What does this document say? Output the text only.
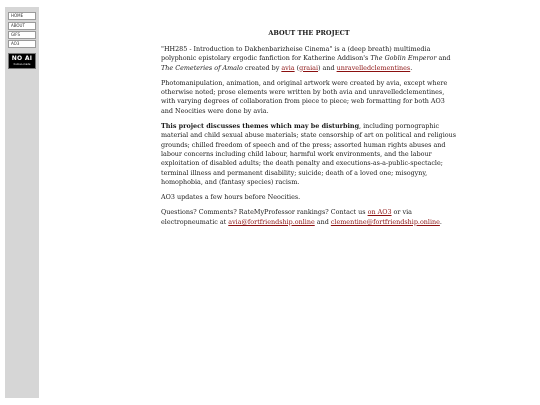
HOME
ABOUT
GIFS
AO3
NO AI
human-made
ABOUT THE PROJECT

"HH285 - Introduction to Dakhenbarizheise Cinema" is a (deep breath) multimedia polyphonic epistolary ergodic fanfiction for Katherine Addison's The Goblin Emperor and The Cemeteries of Amalo created by avia (graiai) and unravelledclementines.

Photomanipulation, animation, and original artwork were created by avia, except where otherwise noted; prose elements were written by both avia and unravelledclementines, with varying degrees of collaboration from piece to piece; web formatting for both AO3 and Neocities were done by avia.

This project discusses themes which may be disturbing, including pornographic material and child sexual abuse materials; state censorship of art on political and religious grounds; chilled freedom of speech and of the press; assorted human rights abuses and labour concerns including child labour, harmful work environments, and the labour exploitation of disabled adults; the death penalty and executions-as-a-public-spectacle; terminal illness and permanent disability; suicide; death of a loved one; misogyny, homophobia, and (fantasy species) racism.

AO3 updates a few hours before Neocities.

Questions? Comments? RateMyProfessor rankings? Contact us on AO3 or via electropneumatic at avia@fortfriendship.online and clementine@fortfriendship.online.
